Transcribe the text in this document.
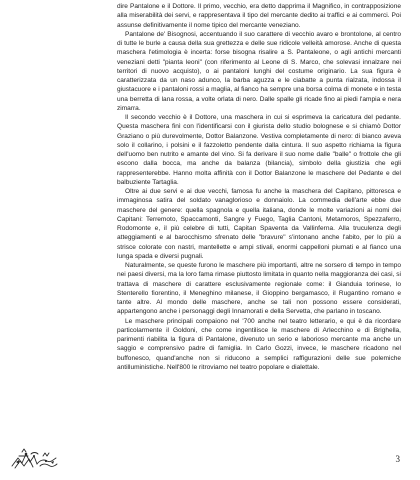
dire Pantalone e il Dottore. Il primo, vecchio, era detto dapprima il Magnifico, in contrapposizione alla miserabilità dei servi, e rappresentava il tipo del mercante dedito ai traffici e ai commerci. Poi assunse definitivamente il nome tipico del mercante veneziano.

Pantalone de' Bisognosi, accentuando il suo carattere di vecchio avaro e brontolone, al centro di tutte le burle a causa della sua grettezza e delle sue ridicole velleità amorose. Anche di questa maschera l'etimologia è incerta: forse bisogna risalire a S. Pantaleone, o agli antichi mercanti veneziani detti "pianta leoni" (con riferimento al Leone di S. Marco, che solevasi innalzare nei territori di nuovo acquisto), o ai pantaloni lunghi del costume originario. La sua figura è caratterizzata da un naso adunco, la barba aguzza e le ciabatte a punta rialzata, indossa il giustacuore e i pantaloni rossi a maglia, al fianco ha sempre una borsa colma di monete e in testa una berretta di lana rossa, a volte orlata di nero. Dalle spalle gli ricade fino ai piedi l'ampia e nera zimarra.

Il secondo vecchio è il Dottore, una maschera in cui si esprimeva la caricatura del pedante. Questa maschera finì con l'identificarsi con il giurista dello studio bolognese e si chiamò Dottor Graziano o più durevolmente, Dottor Balanzone. Vestiva completamente di nero: di bianco aveva solo il collarino, i polsini e il fazzoletto pendente dalla cintura. Il suo aspetto richiama la figura dell'uomo ben nutrito e amante del vino. Si fa derivare il suo nome dalle "balle" o frottole che gli escono dalla bocca, ma anche da balanza (bilancia), simbolo della giustizia che egli rappresenterebbe. Hanno molta affinità con il Dottor Balanzone le maschere del Pedante e del balbuziente Tartaglia.

Oltre ai due servi e ai due vecchi, famosa fu anche la maschera del Capitano, pittoresca e immaginosa satira del soldato vanaglorioso e donnaiolo. La commedia dell'arte ebbe due maschere del genere: quella spagnola e quella italiana, donde le molte variazioni ai nomi dei Capitani: Terremoto, Spaccamonti, Sangre y Fuego, Taglia Cantoni, Metamoros, Spezzaferro, Rodomonte e, il più celebre di tutti, Capitan Spaventa da Vallinferna. Alla truculenza degli atteggiamenti e al barocchismo sfrenato delle "bravure" s'intonano anche l'abito, per lo più a strisce colorate con nastri, mantellette e ampi stivali, enormi cappelloni piumati e al fianco una lunga spada e diversi pugnali.

Naturalmente, se queste furono le maschere più importanti, altre ne sorsero di tempo in tempo nei paesi diversi, ma la loro fama rimase piuttosto limitata in quanto nella maggioranza dei casi, si trattava di maschere di carattere esclusivamente regionale come: il Gianduia torinese, lo Stenterello fiorentino, il Meneghino milanese, il Gioppino bergamasco, il Rugantino romano e tante altre. Al mondo delle maschere, anche se tali non possono essere considerati, appartengono anche i personaggi degli Innamorati e della Servetta, che parlano in toscano.

Le maschere principali compaiono nel '700 anche nel teatro letterario, e qui è da ricordare particolarmente il Goldoni, che come ingentilisce le maschere di Arlecchino e di Brighella, parimenti riabilita la figura di Pantalone, divenuto un serio e laborioso mercante ma anche un saggio e comprensivo padre di famiglia. In Carlo Gozzi, invece, le maschere ricadono nel buffonesco, quand'anche non si riducono a semplici raffigurazioni delle sue polemiche antilluministiche. Nell'800 le ritroviamo nel teatro popolare e dialettale.

3
